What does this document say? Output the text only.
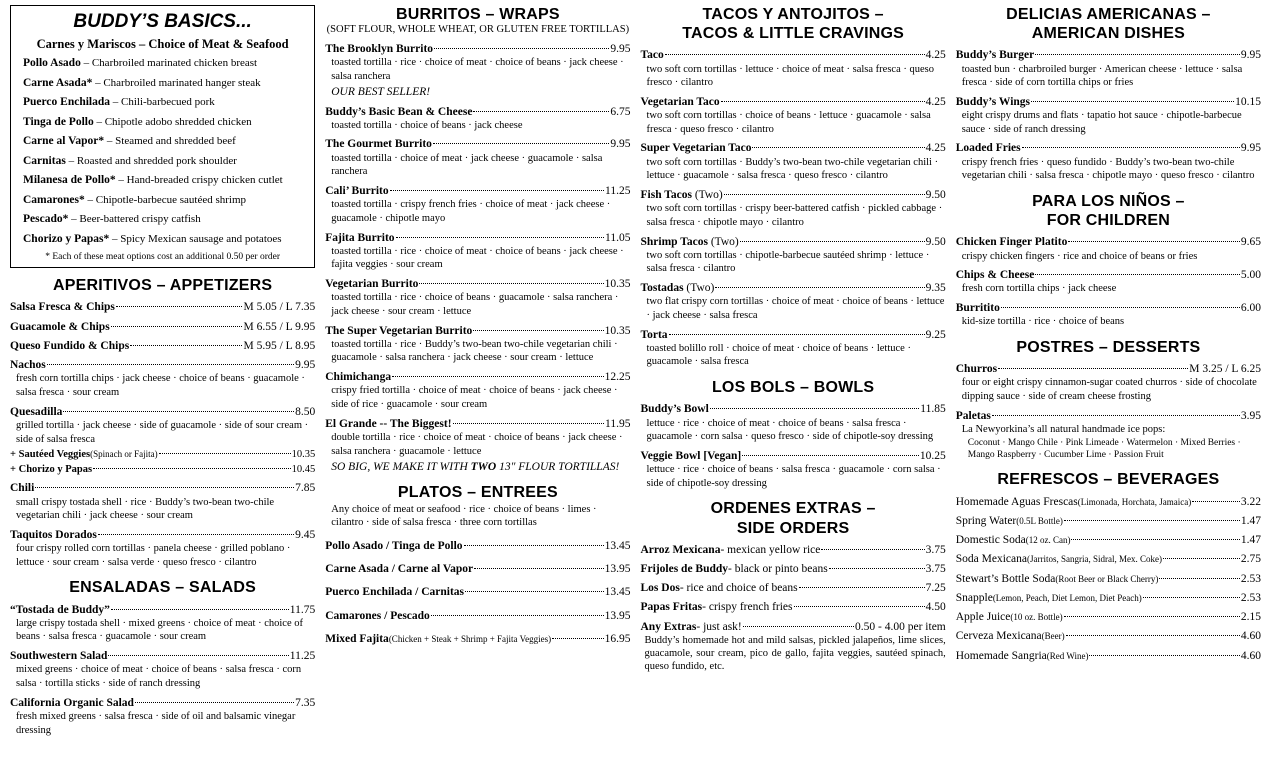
BUDDY’S BASICS...
Carnes y Mariscos – Choice of Meat & Seafood
Pollo Asado – Charbroiled marinated chicken breast
Carne Asada* – Charbroiled marinated hanger steak
Puerco Enchilada – Chili-barbecued pork
Tinga de Pollo – Chipotle adobo shredded chicken
Carne al Vapor* – Steamed and shredded beef
Carnitas – Roasted and shredded pork shoulder
Milanesa de Pollo* – Hand-breaded crispy chicken cutlet
Camarones* – Chipotle-barbecue sautéed shrimp
Pescado* – Beer-battered crispy catfish
Chorizo y Papas* – Spicy Mexican sausage and potatoes
* Each of these meat options cost an additional 0.50 per order
APERITIVOS – APPETIZERS
Salsa Fresca & Chips	M 5.05 / L 7.35
Guacamole & Chips	M 6.55 / L 9.95
Queso Fundido & Chips	M 5.95 / L 8.95
Nachos	9.95
fresh corn tortilla chips · jack cheese · choice of beans · guacamole · salsa fresca · sour cream
Quesadilla	8.50
grilled tortilla · jack cheese · side of guacamole · side of sour cream · side of salsa fresca
+ Sautéed Veggies (Spinach or Fajita)	10.35
+ Chorizo y Papas	10.45
Chili	7.85
small crispy tostada shell · rice · Buddy’s two-bean two-chile vegetarian chili · jack cheese · sour cream
Taquitos Dorados	9.45
four crispy rolled corn tortillas · panela cheese · grilled poblano · lettuce · sour cream · salsa verde · queso fresco · cilantro
ENSALADAS – SALADS
“Tostada de Buddy”	11.75
large crispy tostada shell · mixed greens · choice of meat · choice of beans · salsa fresca · guacamole · sour cream
Southwestern Salad	11.25
mixed greens · choice of meat · choice of beans · salsa fresca · corn salsa · tortilla sticks · side of ranch dressing
California Organic Salad	7.35
fresh mixed greens · salsa fresca · side of oil and balsamic vinegar dressing
BURRITOS – WRAPS
(SOFT FLOUR, WHOLE WHEAT, OR GLUTEN FREE TORTILLAS)
The Brooklyn Burrito	9.95
toasted tortilla · rice · choice of meat · choice of beans · jack cheese · salsa ranchera
OUR BEST SELLER!
Buddy’s Basic Bean & Cheese	6.75
toasted tortilla · choice of beans · jack cheese
The Gourmet Burrito	9.95
toasted tortilla · choice of meat · jack cheese · guacamole · salsa ranchera
Cali’ Burrito	11.25
toasted tortilla · crispy french fries · choice of meat · jack cheese · guacamole · chipotle mayo
Fajita Burrito	11.05
toasted tortilla · rice · choice of meat · choice of beans · jack cheese · fajita veggies · sour cream
Vegetarian Burrito	10.35
toasted tortilla · rice · choice of beans · guacamole · salsa ranchera · jack cheese · sour cream · lettuce
The Super Vegetarian Burrito	10.35
toasted tortilla · rice · Buddy’s two-bean two-chile vegetarian chili · guacamole · salsa ranchera · jack cheese · sour cream · lettuce
Chimichanga	12.25
crispy fried tortilla · choice of meat · choice of beans · jack cheese · side of rice · guacamole · sour cream
El Grande -- The Biggest!	11.95
double tortilla · rice · choice of meat · choice of beans · jack cheese · salsa ranchera · guacamole · lettuce
SO BIG, WE MAKE IT WITH TWO 13″ FLOUR TORTILLAS!
PLATOS – ENTREES
Any choice of meat or seafood · rice · choice of beans · limes · cilantro · side of salsa fresca · three corn tortillas
Pollo Asado / Tinga de Pollo	13.45
Carne Asada / Carne al Vapor	13.95
Puerco Enchilada / Carnitas	13.45
Camarones / Pescado	13.95
Mixed Fajita (Chicken + Steak + Shrimp + Fajita Veggies)	16.95
TACOS Y ANTOJITOS –
TACOS & LITTLE CRAVINGS
Taco	4.25
two soft corn tortillas · lettuce · choice of meat · salsa fresca · queso fresco · cilantro
Vegetarian Taco	4.25
two soft corn tortillas · choice of beans · lettuce · guacamole · salsa fresca · queso fresco · cilantro
Super Vegetarian Taco	4.25
two soft corn tortillas · Buddy’s two-bean two-chile vegetarian chili · lettuce · guacamole · salsa fresca · queso fresco · cilantro
Fish Tacos (Two)	9.50
two soft corn tortillas · crispy beer-battered catfish · pickled cabbage · salsa fresca · chipotle mayo · cilantro
Shrimp Tacos (Two)	9.50
two soft corn tortillas · chipotle-barbecue sautéed shrimp · lettuce · salsa fresca · cilantro
Tostadas (Two)	9.35
two flat crispy corn tortillas · choice of meat · choice of beans · lettuce · jack cheese · salsa fresca
Torta	9.25
toasted bolillo roll · choice of meat · choice of beans · lettuce · guacamole · salsa fresca
LOS BOLS – BOWLS
Buddy’s Bowl	11.85
lettuce · rice · choice of meat · choice of beans · salsa fresca · guacamole · corn salsa · queso fresco · side of chipotle-soy dressing
Veggie Bowl [Vegan]	10.25
lettuce · rice · choice of beans · salsa fresca · guacamole · corn salsa · side of chipotle-soy dressing
ORDENES EXTRAS –
SIDE ORDERS
Arroz Mexicana - mexican yellow rice	3.75
Frijoles de Buddy - black or pinto beans	3.75
Los Dos - rice and choice of beans	7.25
Papas Fritas - crispy french fries	4.50
Any Extras - just ask!	0.50 - 4.00 per item
Buddy’s homemade hot and mild salsas, pickled jalapeños, lime slices, guacamole, sour cream, pico de gallo, fajita veggies, sautéed spinach, queso fundido, etc.
DELICIAS AMERICANAS –
AMERICAN DISHES
Buddy’s Burger	9.95
toasted bun · charbroiled burger · American cheese · lettuce · salsa fresca · side of corn tortilla chips or fries
Buddy’s Wings	10.15
eight crispy drums and flats · tapatio hot sauce · chipotle-barbecue sauce · side of ranch dressing
Loaded Fries	9.95
crispy french fries · queso fundido · Buddy’s two-bean two-chile vegetarian chili · salsa fresca · chipotle mayo · queso fresco · cilantro
PARA LOS NIÑOS –
FOR CHILDREN
Chicken Finger Platito	9.65
crispy chicken fingers · rice and choice of beans or fries
Chips & Cheese	5.00
fresh corn tortilla chips · jack cheese
Burritito	6.00
kid-size tortilla · rice · choice of beans
POSTRES – DESSERTS
Churros	M 3.25 / L 6.25
four or eight crispy cinnamon-sugar coated churros · side of chocolate dipping sauce · side of cream cheese frosting
Paletas	3.95
La Newyorkina’s all natural handmade ice pops:
Coconut · Mango Chile · Pink Limeade · Watermelon · Mixed Berries · Mango Raspberry · Cucumber Lime · Passion Fruit
REFRESCOS – BEVERAGES
Homemade Aguas Frescas (Limonada, Horchata, Jamaica)	3.22
Spring Water (0.5L Bottle)	1.47
Domestic Soda (12 oz. Can)	1.47
Soda Mexicana (Jarritos, Sangria, Sidral, Mex. Coke)	2.75
Stewart’s Bottle Soda (Root Beer or Black Cherry)	2.53
Snapple (Lemon, Peach, Diet Lemon, Diet Peach)	2.53
Apple Juice (10 oz. Bottle)	2.15
Cerveza Mexicana (Beer)	4.60
Homemade Sangria (Red Wine)	4.60
